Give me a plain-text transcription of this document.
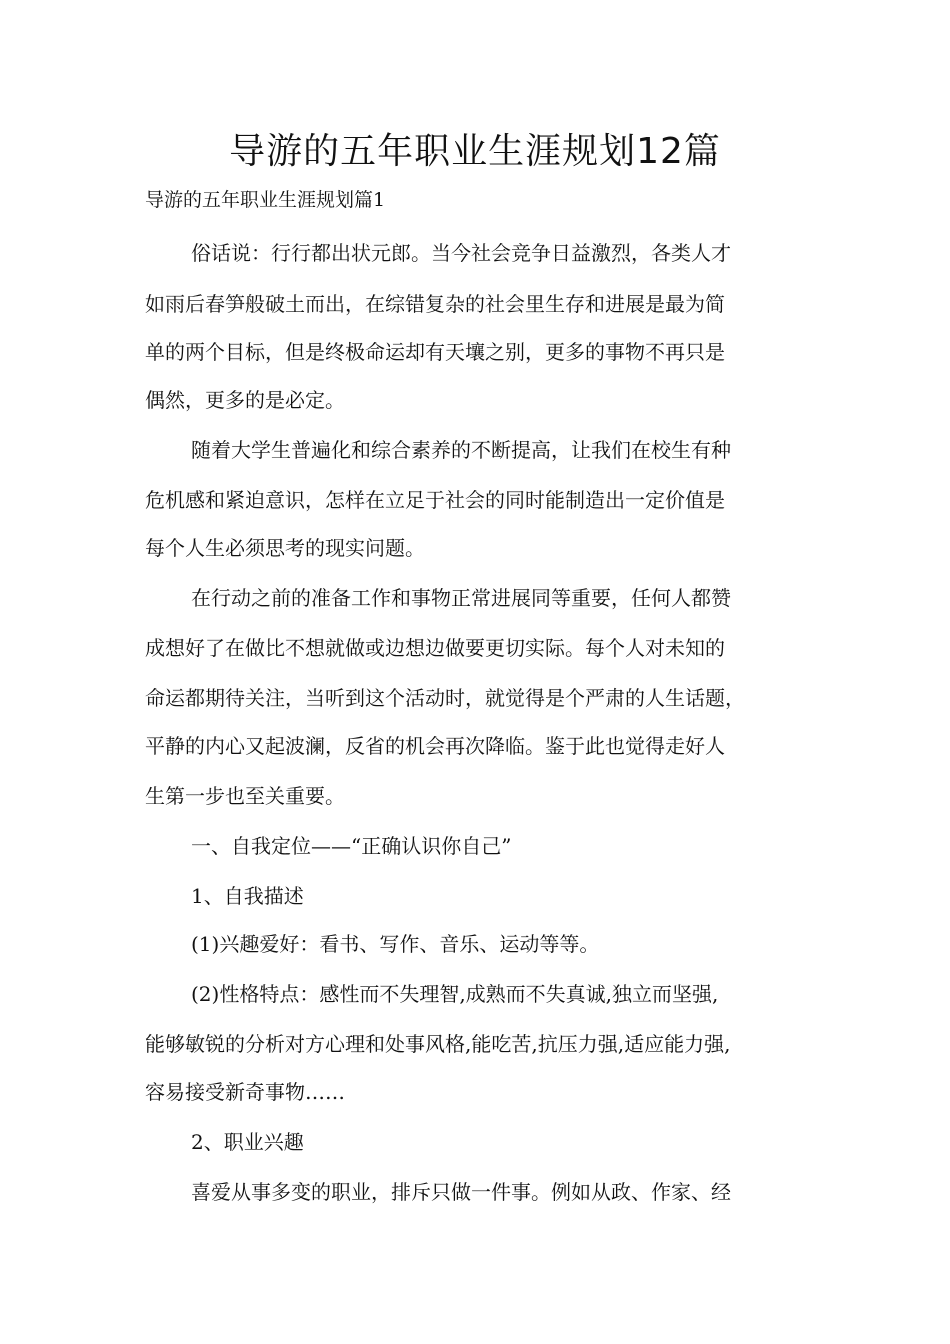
导游的五年职业生涯规划12篇
导游的五年职业生涯规划篇1
俗话说：行行都出状元郎。当今社会竞争日益激烈，各类人才
如雨后春笋般破土而出，在综错复杂的社会里生存和进展是最为简
单的两个目标，但是终极命运却有天壤之别，更多的事物不再只是
偶然，更多的是必定。
随着大学生普遍化和综合素养的不断提高，让我们在校生有种
危机感和紧迫意识，怎样在立足于社会的同时能制造出一定价值是
每个人生必须思考的现实问题。
在行动之前的准备工作和事物正常进展同等重要，任何人都赞
成想好了在做比不想就做或边想边做要更切实际。每个人对未知的
命运都期待关注，当听到这个活动时，就觉得是个严肃的人生话题，
平静的内心又起波澜，反省的机会再次降临。鉴于此也觉得走好人
生第一步也至关重要。
一、自我定位——“正确认识你自己”
1、自我描述
(1)兴趣爱好：看书、写作、音乐、运动等等。
(2)性格特点：感性而不失理智,成熟而不失真诚,独立而坚强,
能够敏锐的分析对方心理和处事风格,能吃苦,抗压力强,适应能力强,
容易接受新奇事物……
2、职业兴趣
喜爱从事多变的职业，排斥只做一件事。例如从政、作家、经
